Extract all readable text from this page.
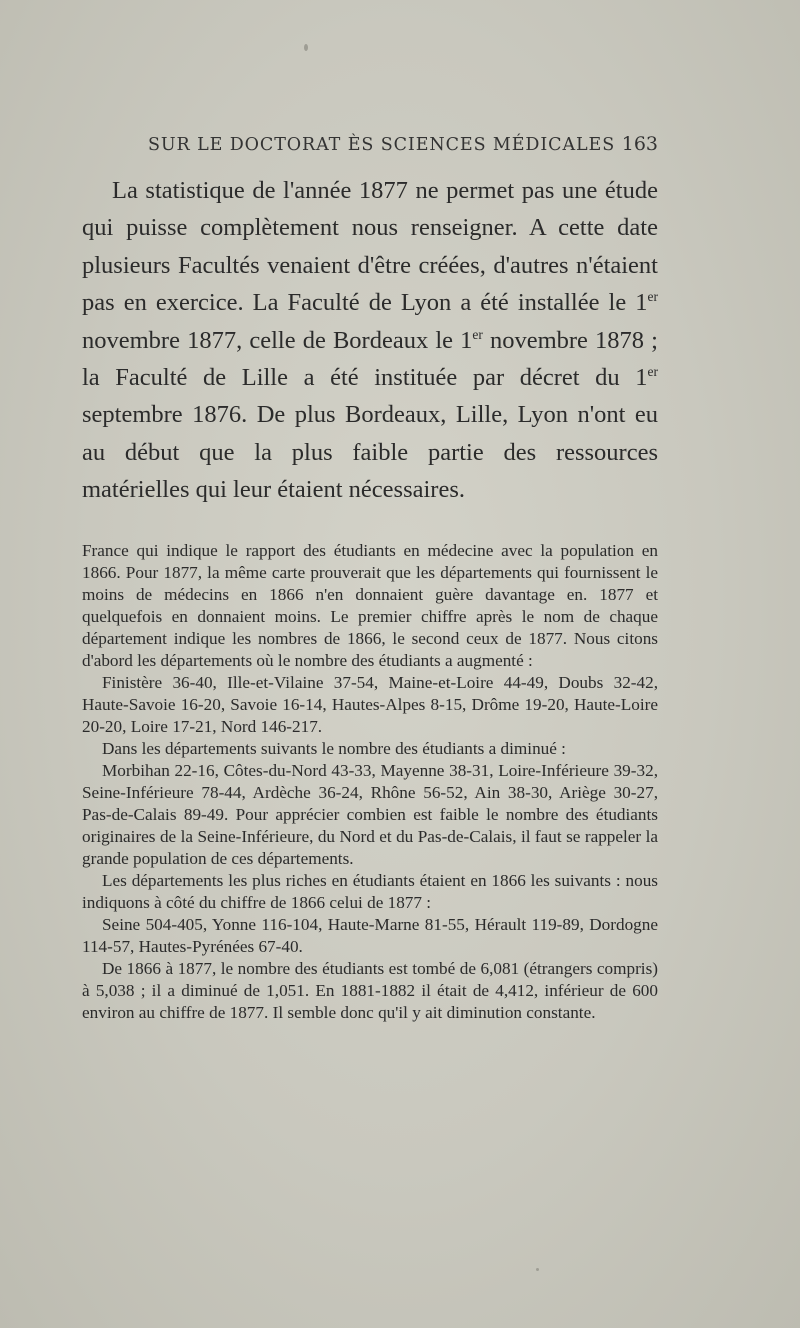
SUR LE DOCTORAT ÈS SCIENCES MÉDICALES 163

La statistique de l'année 1877 ne permet pas une étude qui puisse complètement nous renseigner. A cette date plusieurs Facultés venaient d'être créées, d'autres n'étaient pas en exercice. La Faculté de Lyon a été installée le 1er novembre 1877, celle de Bordeaux le 1er novembre 1878 ; la Faculté de Lille a été instituée par décret du 1er septembre 1876. De plus Bordeaux, Lille, Lyon n'ont eu au début que la plus faible partie des ressources matérielles qui leur étaient nécessaires.

France qui indique le rapport des étudiants en médecine avec la population en 1866. Pour 1877, la même carte prouverait que les départements qui fournissent le moins de médecins en 1866 n'en donnaient guère davantage en. 1877 et quelquefois en donnaient moins. Le premier chiffre après le nom de chaque département indique les nombres de 1866, le second ceux de 1877. Nous citons d'abord les départements où le nombre des étudiants a augmenté :

Finistère 36-40, Ille-et-Vilaine 37-54, Maine-et-Loire 44-49, Doubs 32-42, Haute-Savoie 16-20, Savoie 16-14, Hautes-Alpes 8-15, Drôme 19-20, Haute-Loire 20-20, Loire 17-21, Nord 146-217.

Dans les départements suivants le nombre des étudiants a diminué :

Morbihan 22-16, Côtes-du-Nord 43-33, Mayenne 38-31, Loire-Inférieure 39-32, Seine-Inférieure 78-44, Ardèche 36-24, Rhône 56-52, Ain 38-30, Ariège 30-27, Pas-de-Calais 89-49. Pour apprécier combien est faible le nombre des étudiants originaires de la Seine-Inférieure, du Nord et du Pas-de-Calais, il faut se rappeler la grande population de ces départements.

Les départements les plus riches en étudiants étaient en 1866 les suivants : nous indiquons à côté du chiffre de 1866 celui de 1877 :

Seine 504-405, Yonne 116-104, Haute-Marne 81-55, Hérault 119-89, Dordogne 114-57, Hautes-Pyrénées 67-40.

De 1866 à 1877, le nombre des étudiants est tombé de 6,081 (étrangers compris) à 5,038 ; il a diminué de 1,051. En 1881-1882 il était de 4,412, inférieur de 600 environ au chiffre de 1877. Il semble donc qu'il y ait diminution constante.
